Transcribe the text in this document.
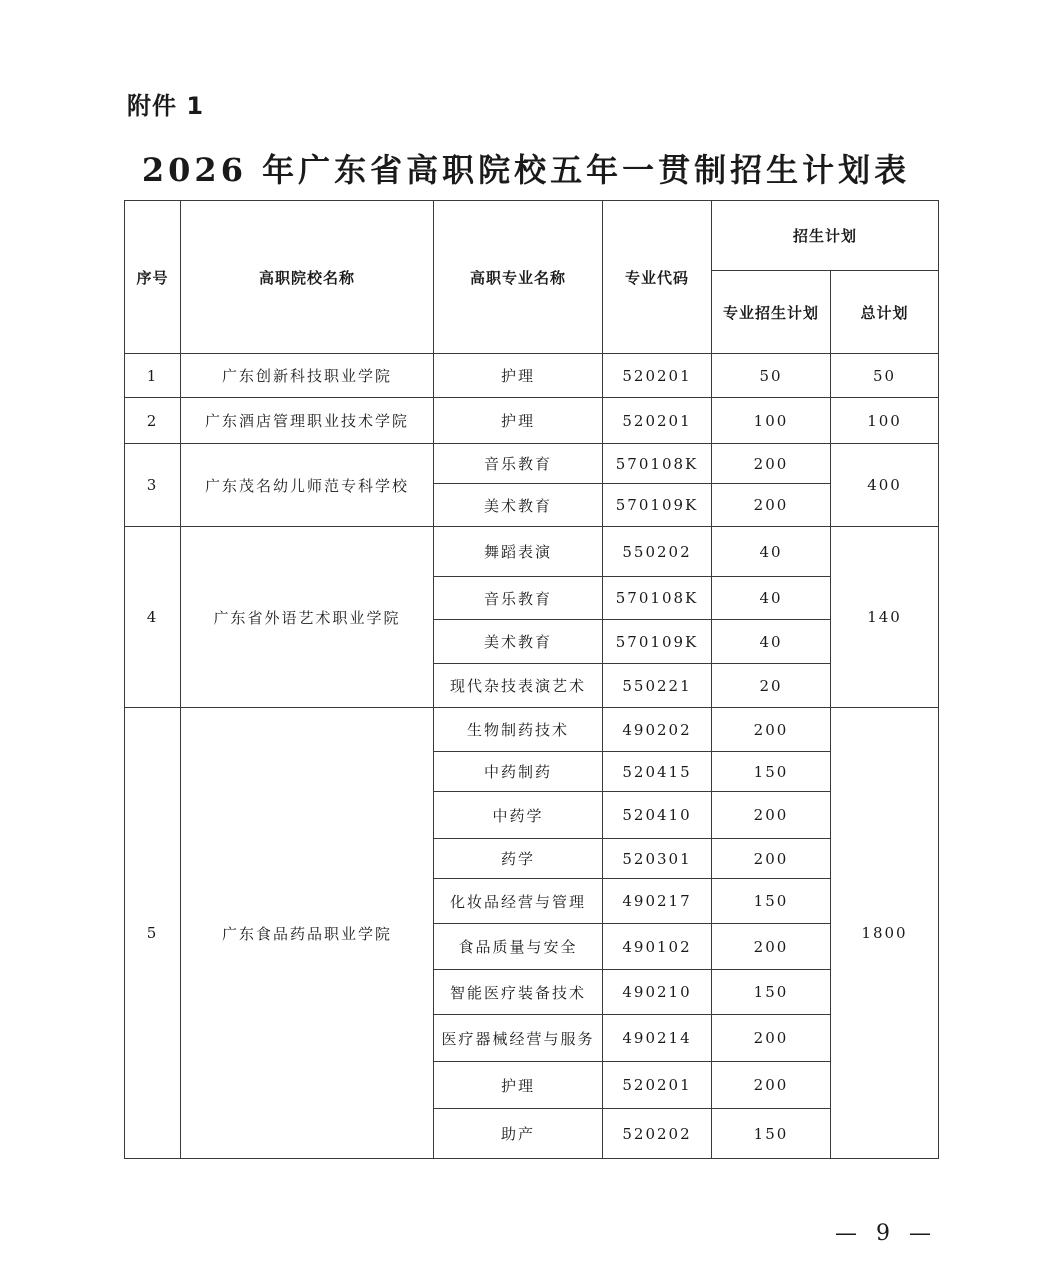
附件 1
2026 年广东省高职院校五年一贯制招生计划表
序号	高职院校名称	高职专业名称	专业代码	招生计划	
				专业招生计划	总计划
1	广东创新科技职业学院	护理	520201	50	50
2	广东酒店管理职业技术学院	护理	520201	100	100
3	广东茂名幼儿师范专科学校	音乐教育	570108K	200	400
		美术教育	570109K	200	
4	广东省外语艺术职业学院	舞蹈表演	550202	40	140
		音乐教育	570108K	40	
		美术教育	570109K	40	
		现代杂技表演艺术	550221	20	
5	广东食品药品职业学院	生物制药技术	490202	200	1800
		中药制药	520415	150	
		中药学	520410	200	
		药学	520301	200	
		化妆品经营与管理	490217	150	
		食品质量与安全	490102	200	
		智能医疗装备技术	490210	150	
		医疗器械经营与服务	490214	200	
		护理	520201	200	
		助产	520202	150	
— 9 —
